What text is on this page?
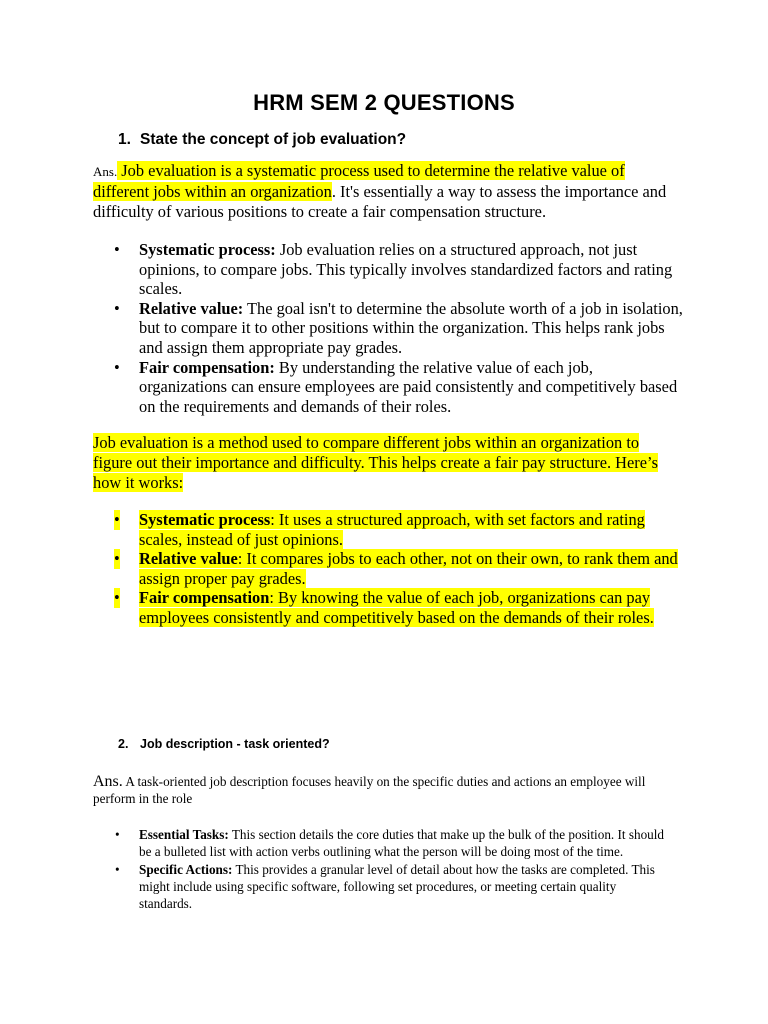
HRM SEM 2 QUESTIONS
1. State the concept of job evaluation?
Ans. Job evaluation is a systematic process used to determine the relative value of different jobs within an organization. It's essentially a way to assess the importance and difficulty of various positions to create a fair compensation structure.
• Systematic process: Job evaluation relies on a structured approach, not just opinions, to compare jobs. This typically involves standardized factors and rating scales.
• Relative value: The goal isn't to determine the absolute worth of a job in isolation, but to compare it to other positions within the organization. This helps rank jobs and assign them appropriate pay grades.
• Fair compensation: By understanding the relative value of each job, organizations can ensure employees are paid consistently and competitively based on the requirements and demands of their roles.
Job evaluation is a method used to compare different jobs within an organization to figure out their importance and difficulty. This helps create a fair pay structure. Here’s how it works:
• Systematic process: It uses a structured approach, with set factors and rating scales, instead of just opinions.
• Relative value: It compares jobs to each other, not on their own, to rank them and assign proper pay grades.
• Fair compensation: By knowing the value of each job, organizations can pay employees consistently and competitively based on the demands of their roles.
2. Job description - task oriented?
Ans. A task-oriented job description focuses heavily on the specific duties and actions an employee will perform in the role
• Essential Tasks: This section details the core duties that make up the bulk of the position. It should be a bulleted list with action verbs outlining what the person will be doing most of the time.
• Specific Actions: This provides a granular level of detail about how the tasks are completed. This might include using specific software, following set procedures, or meeting certain quality standards.
